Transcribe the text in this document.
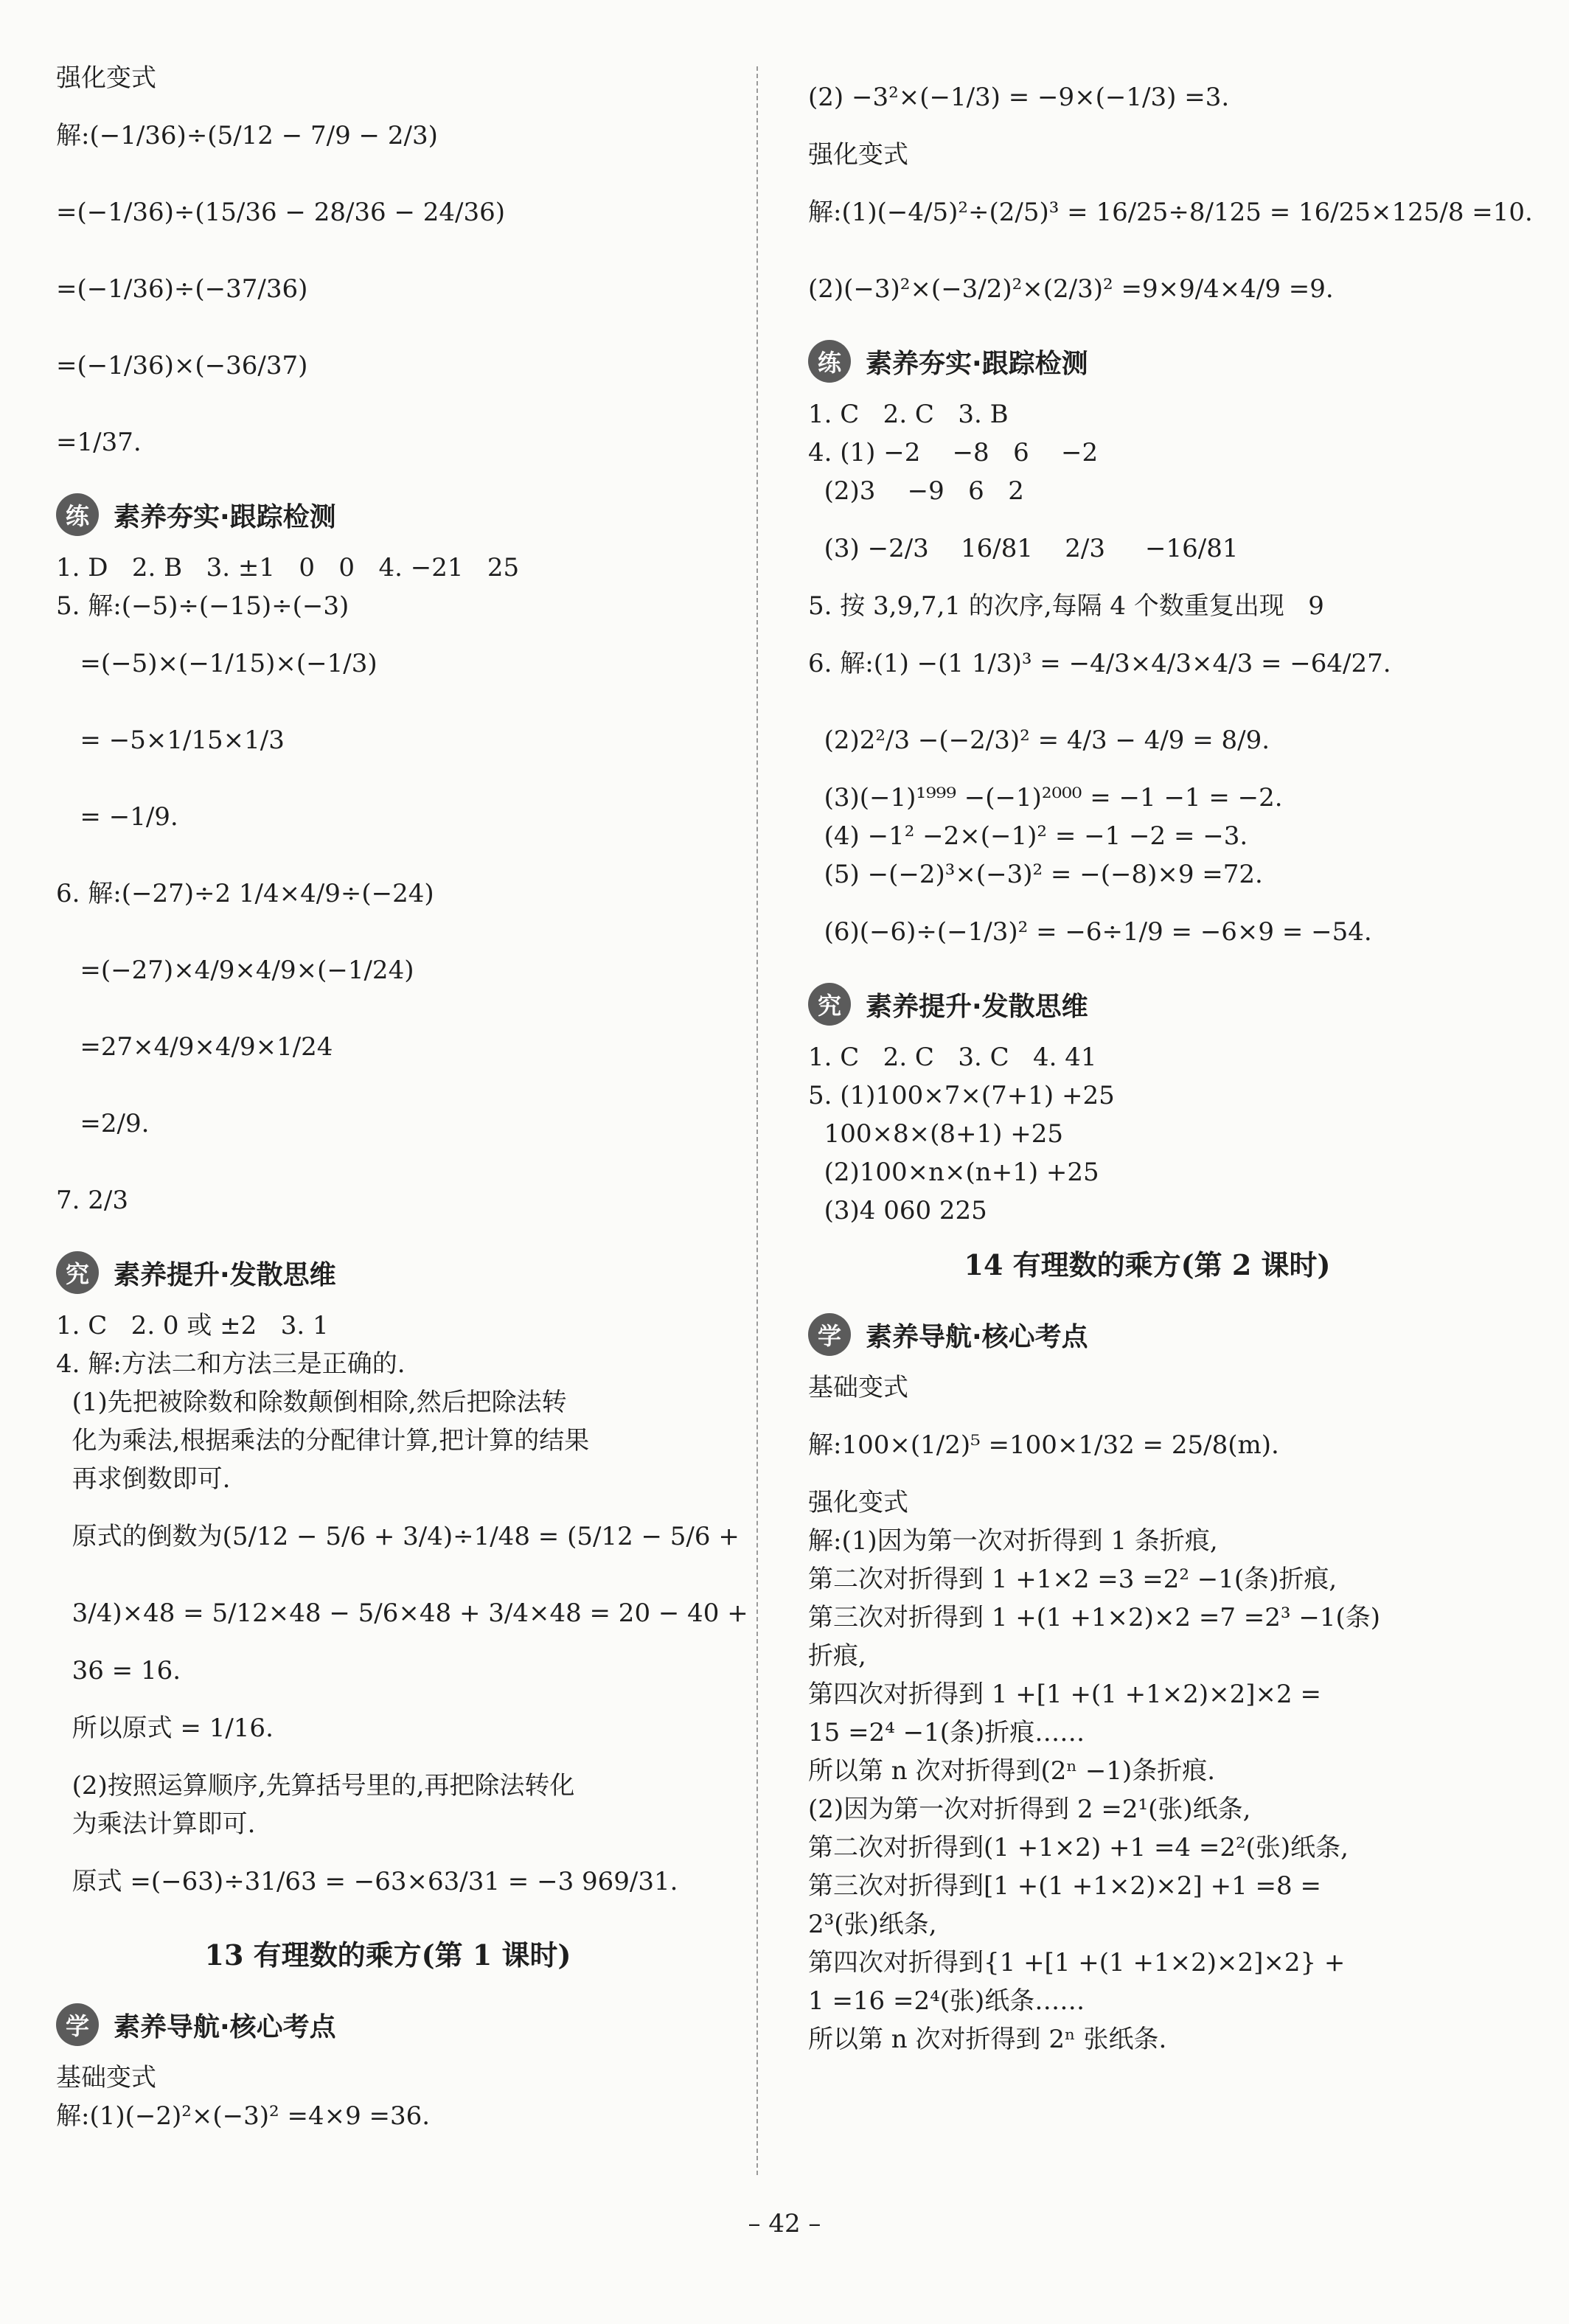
强化变式
解:(−1/36)÷(5/12 − 7/9 − 2/3)
=(−1/36)÷(15/36 − 28/36 − 24/36)
=(−1/36)÷(−37/36)
=(−1/36)×(−36/37)
=1/37.
练 素养夯实·跟踪检测
1. D   2. B   3. ±1   0   0   4. −21   25
5. 解:(−5)÷(−15)÷(−3)
=(−5)×(−1/15)×(−1/3)
= −5×1/15×1/3
= −1/9.
6. 解:(−27)÷2 1/4×4/9÷(−24)
=(−27)×4/9×4/9×(−1/24)
=27×4/9×4/9×1/24
=2/9.
7. 2/3
究 素养提升·发散思维
1. C   2. 0 或 ±2   3. 1
4. 解:方法二和方法三是正确的.
(1)先把被除数和除数颠倒相除,然后把除法转
化为乘法,根据乘法的分配律计算,把计算的结果
再求倒数即可.
原式的倒数为(5/12 − 5/6 + 3/4)÷1/48 = (5/12 − 5/6 +
3/4)×48 = 5/12×48 − 5/6×48 + 3/4×48 = 20 − 40 +
36 = 16.
所以原式 = 1/16.
(2)按照运算顺序,先算括号里的,再把除法转化
为乘法计算即可.
原式 =(−63)÷31/63 = −63×63/31 = −3 969/31.
13 有理数的乘方(第 1 课时)
学 素养导航·核心考点
基础变式
解:(1)(−2)²×(−3)² =4×9 =36.
(2) −3²×(−1/3) = −9×(−1/3) =3.
强化变式
解:(1)(−4/5)²÷(2/5)³ = 16/25÷8/125 = 16/25×125/8 =10.
(2)(−3)²×(−3/2)²×(2/3)² =9×9/4×4/9 =9.
练 素养夯实·跟踪检测
1. C   2. C   3. B
4. (1) −2    −8   6    −2
(2)3    −9   6   2
(3) −2/3    16/81    2/3     −16/81
5. 按 3,9,7,1 的次序,每隔 4 个数重复出现   9
6. 解:(1) −(1 1/3)³ = −4/3×4/3×4/3 = −64/27.
(2)2²/3 −(−2/3)² = 4/3 − 4/9 = 8/9.
(3)(−1)¹⁹⁹⁹ −(−1)²⁰⁰⁰ = −1 −1 = −2.
(4) −1² −2×(−1)² = −1 −2 = −3.
(5) −(−2)³×(−3)² = −(−8)×9 =72.
(6)(−6)÷(−1/3)² = −6÷1/9 = −6×9 = −54.
究 素养提升·发散思维
1. C   2. C   3. C   4. 41
5. (1)100×7×(7+1) +25
100×8×(8+1) +25
(2)100×n×(n+1) +25
(3)4 060 225
14 有理数的乘方(第 2 课时)
学 素养导航·核心考点
基础变式
解:100×(1/2)⁵ =100×1/32 = 25/8(m).
强化变式
解:(1)因为第一次对折得到 1 条折痕,
第二次对折得到 1 +1×2 =3 =2² −1(条)折痕,
第三次对折得到 1 +(1 +1×2)×2 =7 =2³ −1(条)
折痕,
第四次对折得到 1 +[1 +(1 +1×2)×2]×2 =
15 =2⁴ −1(条)折痕……
所以第 n 次对折得到(2ⁿ −1)条折痕.
(2)因为第一次对折得到 2 =2¹(张)纸条,
第二次对折得到(1 +1×2) +1 =4 =2²(张)纸条,
第三次对折得到[1 +(1 +1×2)×2] +1 =8 =
2³(张)纸条,
第四次对折得到{1 +[1 +(1 +1×2)×2]×2} +
1 =16 =2⁴(张)纸条……
所以第 n 次对折得到 2ⁿ 张纸条.
– 42 –
